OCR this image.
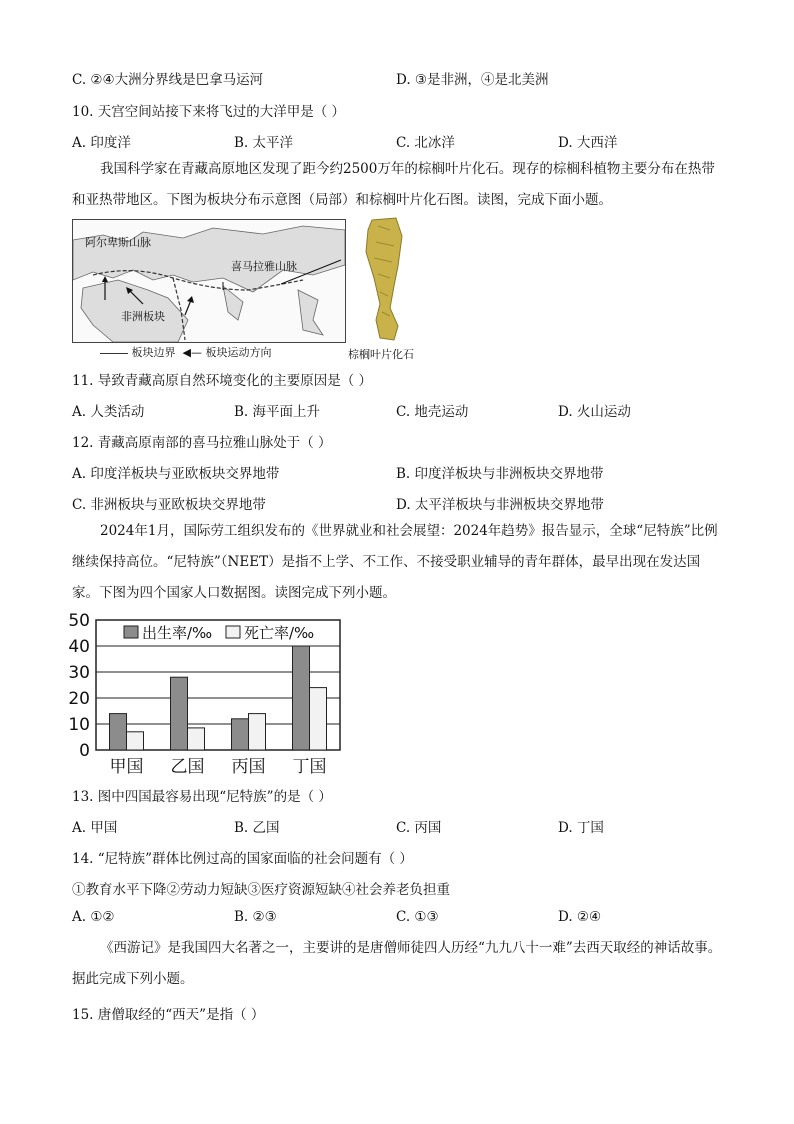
C. ②④大洲分界线是巴拿马运河	D. ③是非洲，④是北美洲
10. 天宫空间站接下来将飞过的大洋甲是（ ）
A. 印度洋	B. 太平洋	C. 北冰洋	D. 大西洋
我国科学家在青藏高原地区发现了距今约2500万年的棕榈叶片化石。现存的棕榈科植物主要分布在热带和亚热带地区。下图为板块分布示意图（局部）和棕榈叶片化石图。读图，完成下面小题。
阿尔卑斯山脉
喜马拉雅山脉
非洲板块
板块边界 ◀— 板块运动方向	棕榈叶片化石
11. 导致青藏高原自然环境变化的主要原因是（ ）
A. 人类活动	B. 海平面上升	C. 地壳运动	D. 火山运动
12. 青藏高原南部的喜马拉雅山脉处于（ ）
A. 印度洋板块与亚欧板块交界地带	B. 印度洋板块与非洲板块交界地带
C. 非洲板块与亚欧板块交界地带	D. 太平洋板块与非洲板块交界地带
2024年1月，国际劳工组织发布的《世界就业和社会展望：2024年趋势》报告显示，全球“尼特族”比例继续保持高位。“尼特族”（NEET）是指不上学、不工作、不接受职业辅导的青年群体，最早出现在发达国家。下图为四个国家人口数据图。读图完成下列小题。
0
10
20
30
40
50
甲国 乙国 丙国 丁国
出生率/‰ 死亡率/‰
13. 图中四国最容易出现“尼特族”的是（ ）
A. 甲国	B. 乙国	C. 丙国	D. 丁国
14. “尼特族”群体比例过高的国家面临的社会问题有（ ）
①教育水平下降②劳动力短缺③医疗资源短缺④社会养老负担重
A. ①②	B. ②③	C. ①③	D. ②④
《西游记》是我国四大名著之一，主要讲的是唐僧师徒四人历经“九九八十一难”去西天取经的神话故事。据此完成下列小题。
15. 唐僧取经的“西天”是指（ ）
